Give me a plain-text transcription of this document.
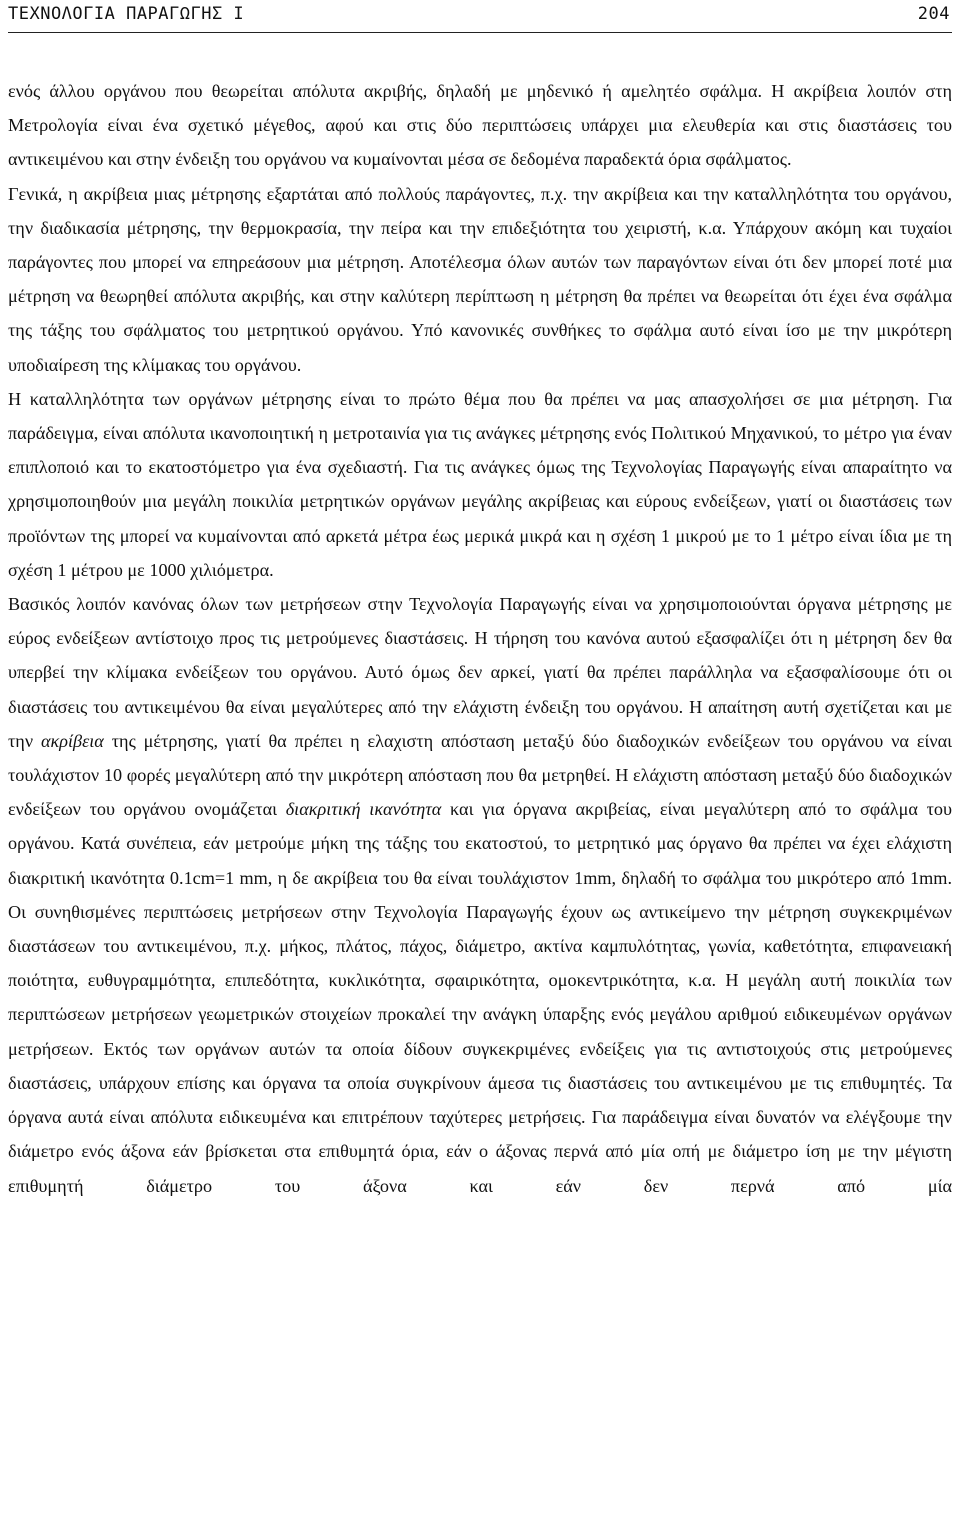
ΤΕΧΝΟΛΟΓΙΑ ΠΑΡΑΓΩΓΗΣ Ι	204

ενός άλλου οργάνου που θεωρείται απόλυτα ακριβής, δηλαδή με μηδενικό ή αμελητέο σφάλμα. Η ακρίβεια λοιπόν στη Μετρολογία είναι ένα σχετικό μέγεθος, αφού και στις δύο περιπτώσεις υπάρχει μια ελευθερία και στις διαστάσεις του αντικειμένου και στην ένδειξη του οργάνου να κυμαίνονται μέσα σε δεδομένα παραδεκτά όρια σφάλματος.

Γενικά, η ακρίβεια μιας μέτρησης εξαρτάται από πολλούς παράγοντες, π.χ. την ακρίβεια και την καταλληλότητα του οργάνου, την διαδικασία μέτρησης, την θερμοκρασία, την πείρα και την επιδεξιότητα του χειριστή, κ.α. Υπάρχουν ακόμη και τυχαίοι παράγοντες που μπορεί να επηρεάσουν μια μέτρηση. Αποτέλεσμα όλων αυτών των παραγόντων είναι ότι δεν μπορεί ποτέ μια μέτρηση να θεωρηθεί απόλυτα ακριβής, και στην καλύτερη περίπτωση η μέτρηση θα πρέπει να θεωρείται ότι έχει ένα σφάλμα της τάξης του σφάλματος του μετρητικού οργάνου. Υπό κανονικές συνθήκες το σφάλμα αυτό είναι ίσο με την μικρότερη υποδιαίρεση της κλίμακας του οργάνου.

Η καταλληλότητα των οργάνων μέτρησης είναι το πρώτο θέμα που θα πρέπει να μας απασχολήσει σε μια μέτρηση. Για παράδειγμα, είναι απόλυτα ικανοποιητική η μετροταινία για τις ανάγκες μέτρησης ενός Πολιτικού Μηχανικού, το μέτρο για έναν επιπλοποιό και το εκατοστόμετρο για ένα σχεδιαστή. Για τις ανάγκες όμως της Τεχνολογίας Παραγωγής είναι απαραίτητο να χρησιμοποιηθούν μια μεγάλη ποικιλία μετρητικών οργάνων μεγάλης ακρίβειας και εύρους ενδείξεων, γιατί οι διαστάσεις των προϊόντων της μπορεί να κυμαίνονται από αρκετά μέτρα έως μερικά μικρά και η σχέση 1 μικρού με το 1 μέτρο είναι ίδια με τη σχέση 1 μέτρου με 1000 χιλιόμετρα.

Βασικός λοιπόν κανόνας όλων των μετρήσεων στην Τεχνολογία Παραγωγής είναι να χρησιμοποιούνται όργανα μέτρησης με εύρος ενδείξεων αντίστοιχο προς τις μετρούμενες διαστάσεις. Η τήρηση του κανόνα αυτού εξασφαλίζει ότι η μέτρηση δεν θα υπερβεί την κλίμακα ενδείξεων του οργάνου. Αυτό όμως δεν αρκεί, γιατί θα πρέπει παράλληλα να εξασφαλίσουμε ότι οι διαστάσεις του αντικειμένου θα είναι μεγαλύτερες από την ελάχιστη ένδειξη του οργάνου. Η απαίτηση αυτή σχετίζεται και με την ακρίβεια της μέτρησης, γιατί θα πρέπει η ελαχιστη απόσταση μεταξύ δύο διαδοχικών ενδείξεων του οργάνου να είναι τουλάχιστον 10 φορές μεγαλύτερη από την μικρότερη απόσταση που θα μετρηθεί. Η ελάχιστη απόσταση μεταξύ δύο διαδοχικών ενδείξεων του οργάνου ονομάζεται διακριτική ικανότητα και για όργανα ακριβείας, είναι μεγαλύτερη από το σφάλμα του οργάνου. Κατά συνέπεια, εάν μετρούμε μήκη της τάξης του εκατοστού, το μετρητικό μας όργανο θα πρέπει να έχει ελάχιστη διακριτική ικανότητα 0.1cm=1 mm, η δε ακρίβεια του θα είναι τουλάχιστον 1mm, δηλαδή το σφάλμα του μικρότερο από 1mm. Οι συνηθισμένες περιπτώσεις μετρήσεων στην Τεχνολογία Παραγωγής έχουν ως αντικείμενο την μέτρηση συγκεκριμένων διαστάσεων του αντικειμένου, π.χ. μήκος, πλάτος, πάχος, διάμετρο, ακτίνα καμπυλότητας, γωνία, καθετότητα, επιφανειακή ποιότητα, ευθυγραμμότητα, επιπεδότητα, κυκλικότητα, σφαιρικότητα, ομοκεντρικότητα, κ.α. Η μεγάλη αυτή ποικιλία των περιπτώσεων μετρήσεων γεωμετρικών στοιχείων προκαλεί την ανάγκη ύπαρξης ενός μεγάλου αριθμού ειδικευμένων οργάνων μετρήσεων. Εκτός των οργάνων αυτών τα οποία δίδουν συγκεκριμένες ενδείξεις για τις αντιστοιχούς στις μετρούμενες διαστάσεις, υπάρχουν επίσης και όργανα τα οποία συγκρίνουν άμεσα τις διαστάσεις του αντικειμένου με τις επιθυμητές. Τα όργανα αυτά είναι απόλυτα ειδικευμένα και επιτρέπουν ταχύτερες μετρήσεις. Για παράδειγμα είναι δυνατόν να ελέγξουμε την διάμετρο ενός άξονα εάν βρίσκεται στα επιθυμητά όρια, εάν ο άξονας περνά από μία οπή με διάμετρο ίση με την μέγιστη επιθυμητή διάμετρο του άξονα και εάν δεν περνά από μία
